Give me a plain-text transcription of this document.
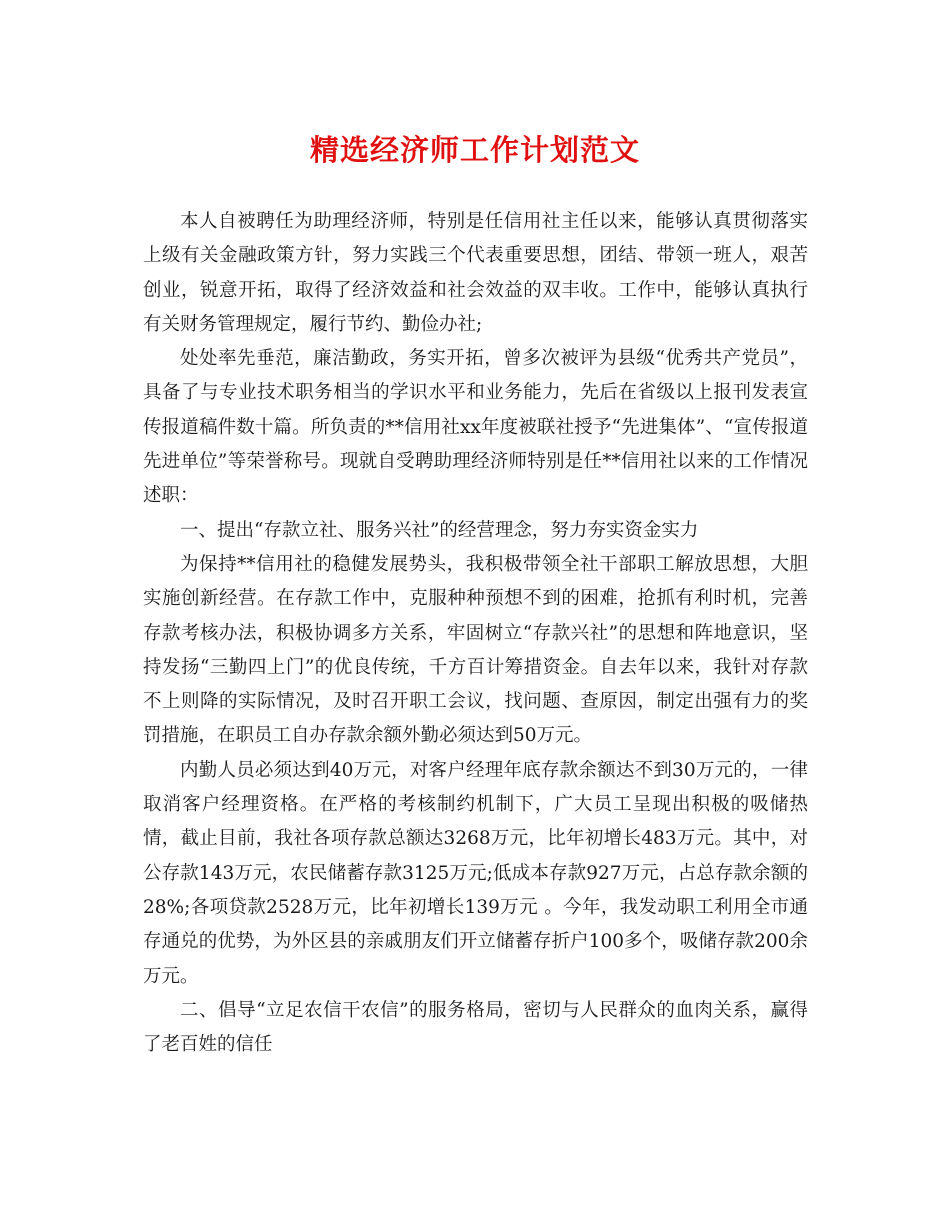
精选经济师工作计划范文

本人自被聘任为助理经济师，特别是任信用社主任以来，能够认真贯彻落实上级有关金融政策方针，努力实践三个代表重要思想，团结、带领一班人，艰苦创业，锐意开拓，取得了经济效益和社会效益的双丰收。工作中，能够认真执行有关财务管理规定，履行节约、勤俭办社;

处处率先垂范，廉洁勤政，务实开拓，曾多次被评为县级“优秀共产党员”，具备了与专业技术职务相当的学识水平和业务能力，先后在省级以上报刊发表宣传报道稿件数十篇。所负责的**信用社xx年度被联社授予“先进集体”、“宣传报道先进单位”等荣誉称号。现就自受聘助理经济师特别是任**信用社以来的工作情况述职：

一、提出“存款立社、服务兴社”的经营理念，努力夯实资金实力

为保持**信用社的稳健发展势头，我积极带领全社干部职工解放思想，大胆实施创新经营。在存款工作中，克服种种预想不到的困难，抢抓有利时机，完善存款考核办法，积极协调多方关系，牢固树立“存款兴社”的思想和阵地意识，坚持发扬“三勤四上门”的优良传统，千方百计筹措资金。自去年以来，我针对存款不上则降的实际情况，及时召开职工会议，找问题、查原因，制定出强有力的奖罚措施，在职员工自办存款余额外勤必须达到50万元。

内勤人员必须达到40万元，对客户经理年底存款余额达不到30万元的，一律取消客户经理资格。在严格的考核制约机制下，广大员工呈现出积极的吸储热情，截止目前，我社各项存款总额达3268万元，比年初增长483万元。其中，对公存款143万元，农民储蓄存款3125万元;低成本存款927万元，占总存款余额的28%;各项贷款2528万元，比年初增长139万元 。今年，我发动职工利用全市通存通兑的优势，为外区县的亲戚朋友们开立储蓄存折户100多个，吸储存款200余万元。

二、倡导“立足农信干农信”的服务格局，密切与人民群众的血肉关系，赢得了老百姓的信任
